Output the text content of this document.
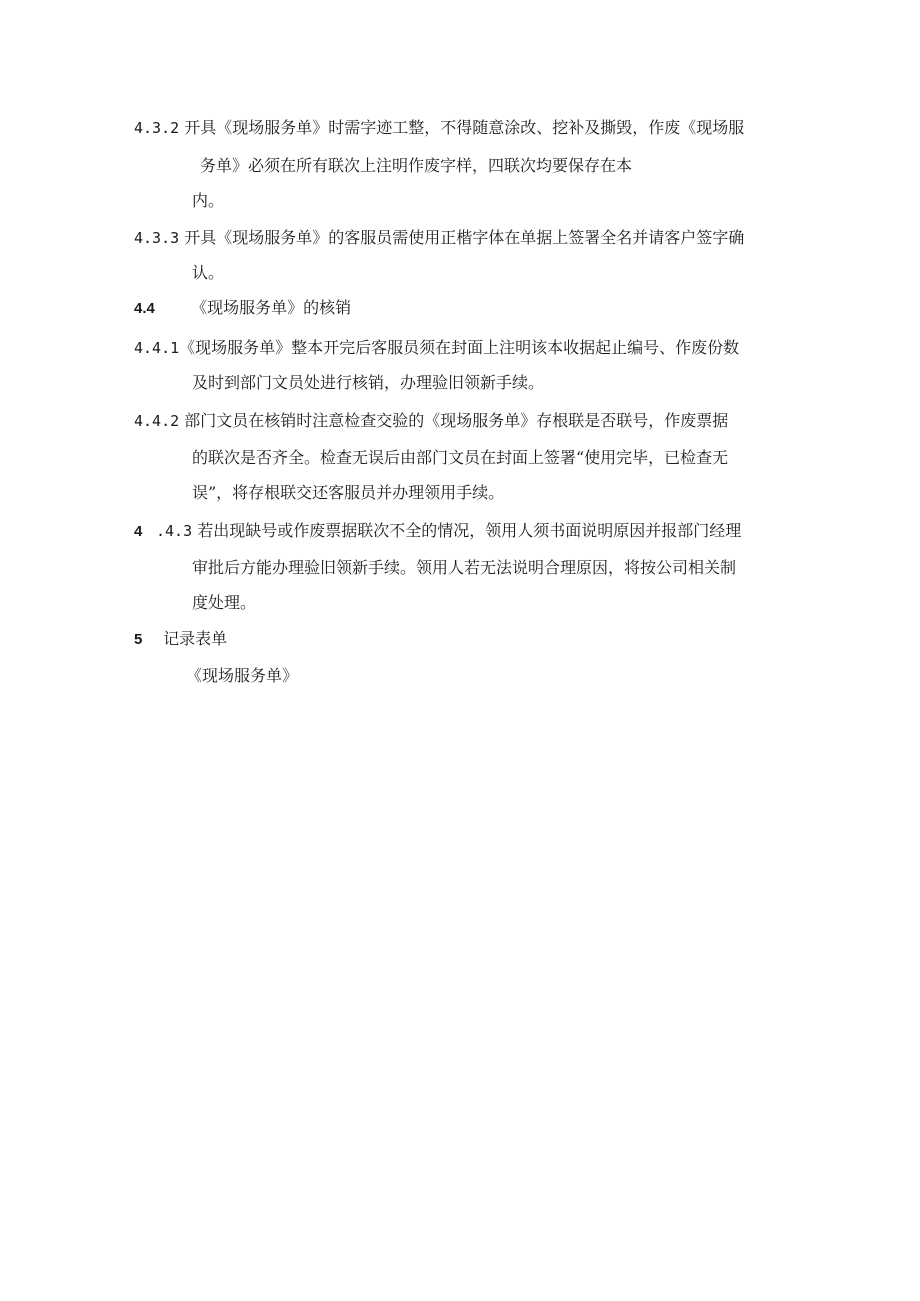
4.3.2 开具《现场服务单》时需字迹工整，不得随意涂改、挖补及撕毁，作废《现场服
务单》必须在所有联次上注明作废字样，四联次均要保存在本
内。
4.3.3 开具《现场服务单》的客服员需使用正楷字体在单据上签署全名并请客户签字确
认。
4.4 《现场服务单》的核销
4.4.1《现场服务单》整本开完后客服员须在封面上注明该本收据起止编号、作废份数
及时到部门文员处进行核销，办理验旧领新手续。
4.4.2 部门文员在核销时注意检查交验的《现场服务单》存根联是否联号，作废票据
的联次是否齐全。检查无误后由部门文员在封面上签署“使用完毕，已检查无
误”，将存根联交还客服员并办理领用手续。
4 .4.3 若出现缺号或作废票据联次不全的情况，领用人须书面说明原因并报部门经理
审批后方能办理验旧领新手续。领用人若无法说明合理原因，将按公司相关制
度处理。
5 记录表单
《现场服务单》
